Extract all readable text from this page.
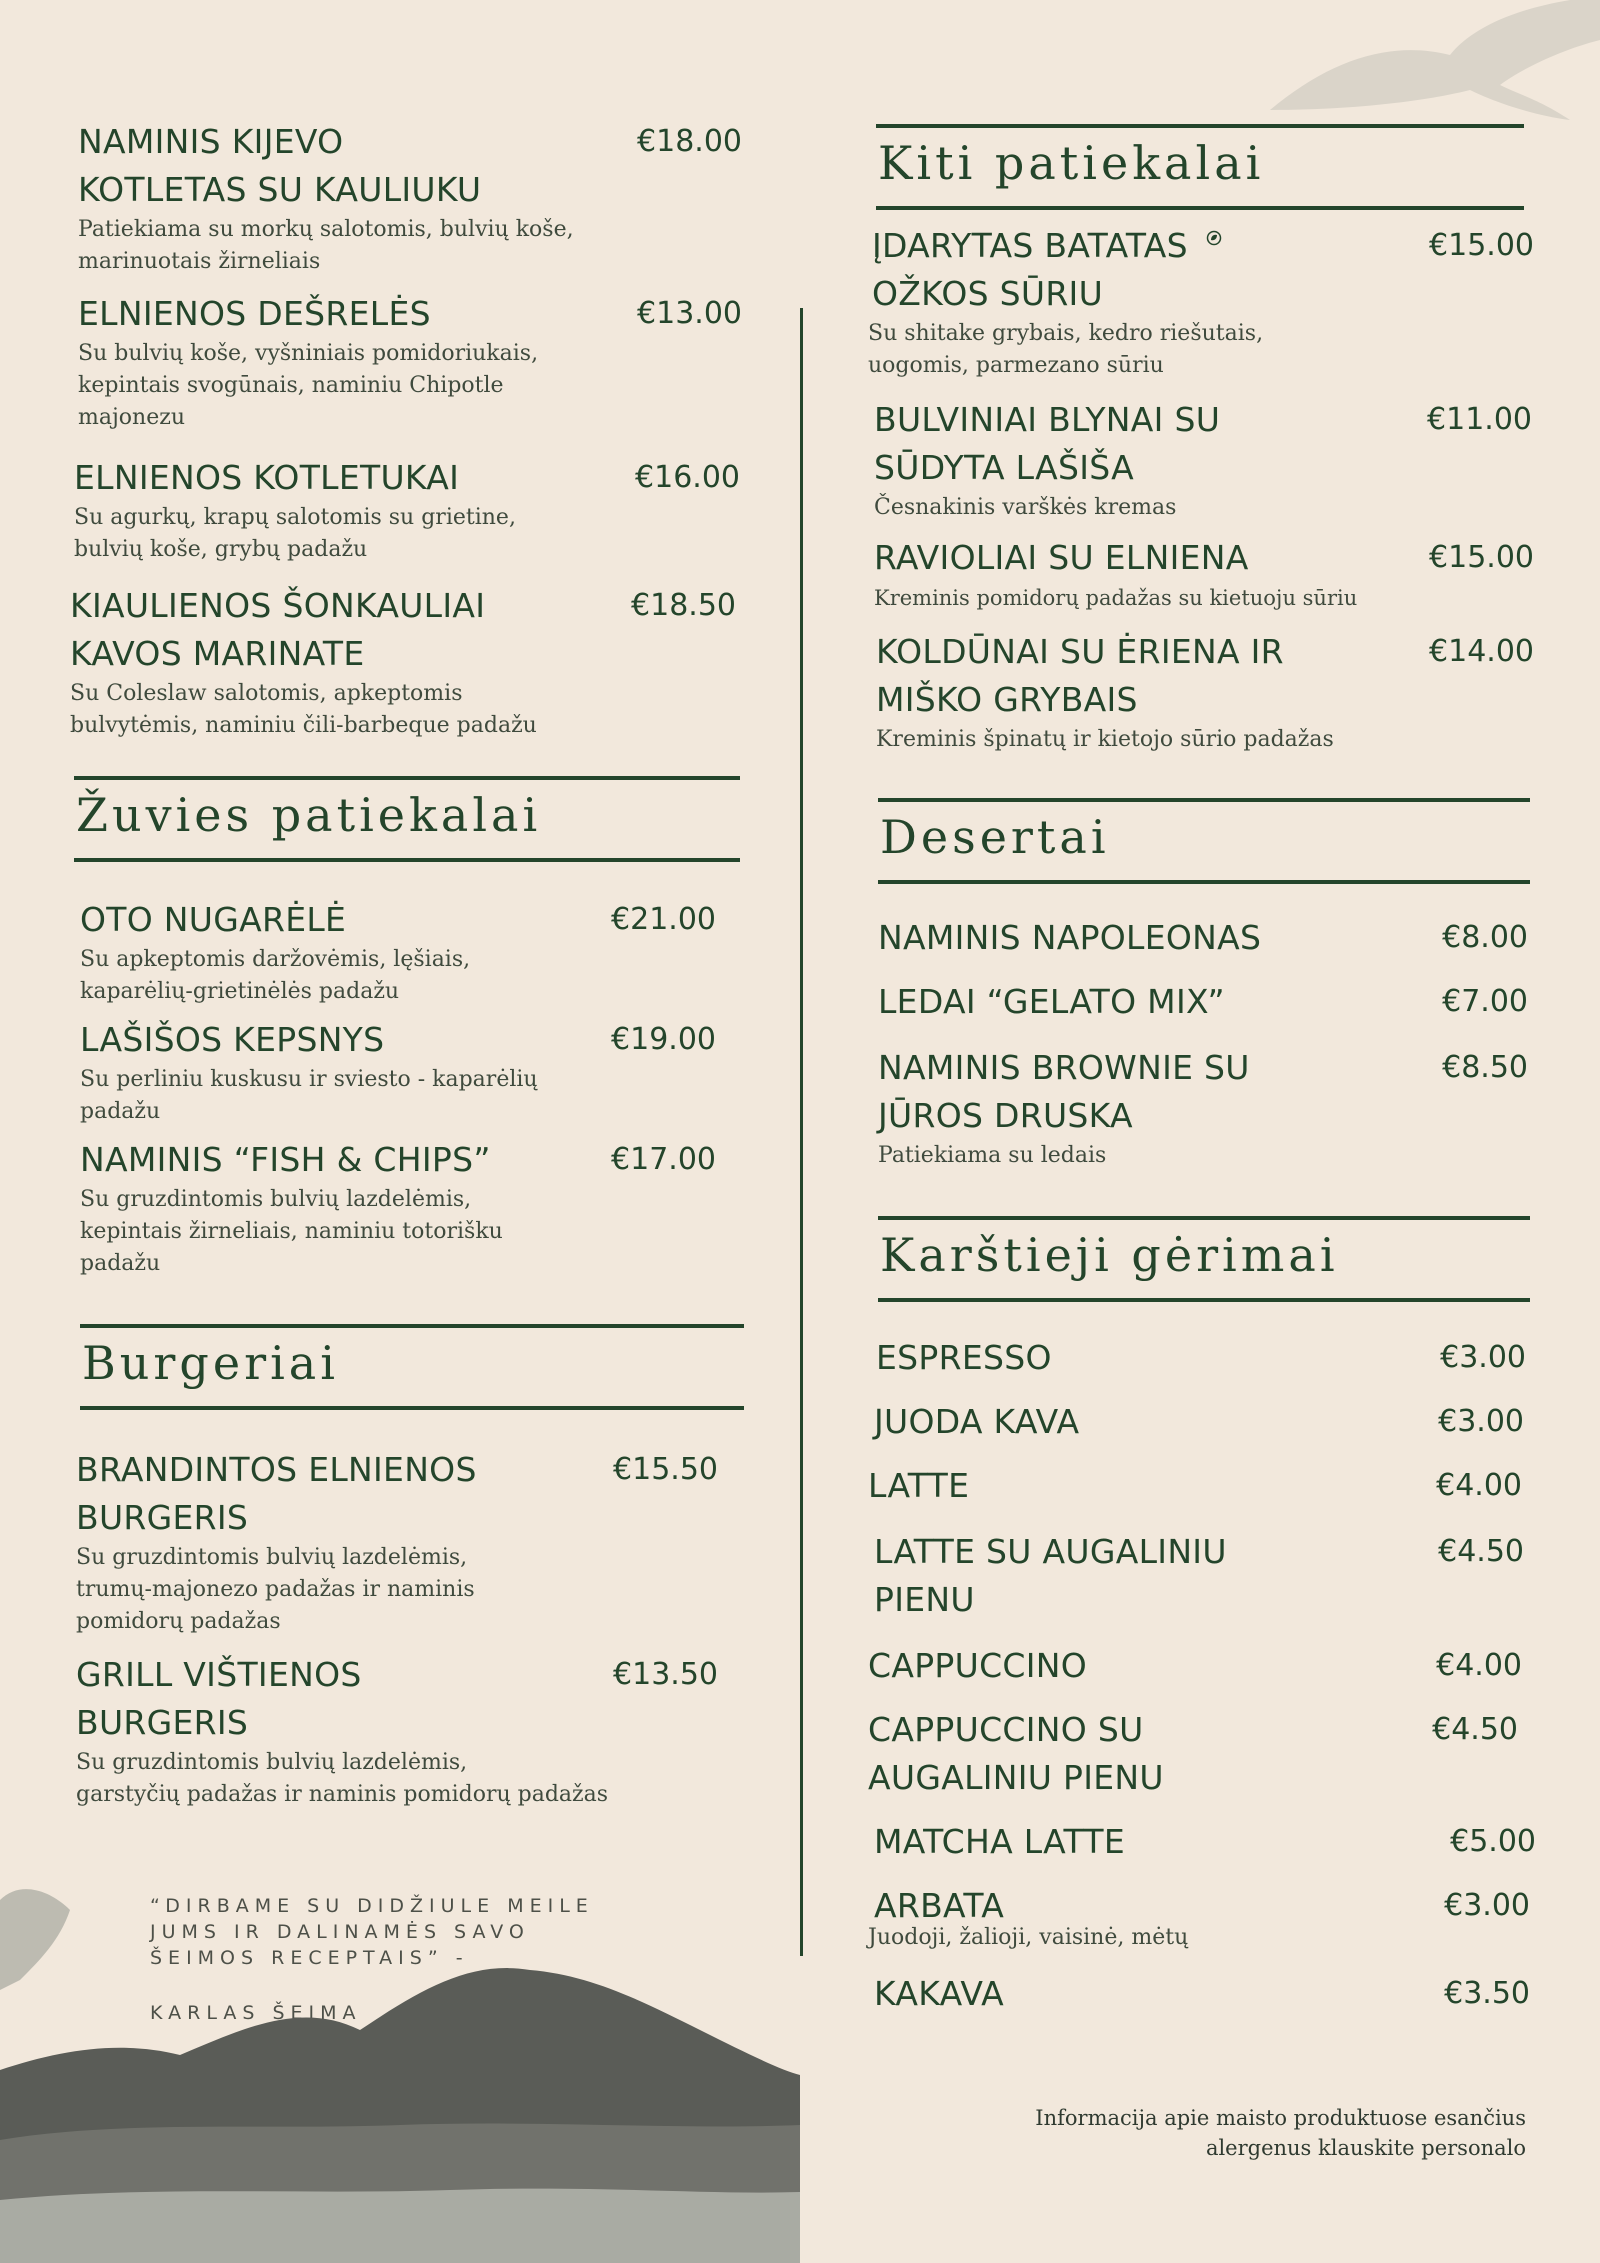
NAMINIS KIJEVO
KOTLETAS SU KAULIUKU
€18.00
Patiekiama su morkų salotomis, bulvių koše,
marinuotais žirneliais
ELNIENOS DEŠRELĖS	€13.00
Su bulvių koše, vyšniniais pomidoriukais,
kepintais svogūnais, naminiu Chipotle
majonezu
ELNIENOS KOTLETUKAI	€16.00
Su agurkų, krapų salotomis su grietine,
bulvių koše, grybų padažu
KIAULIENOS ŠONKAULIAI
KAVOS MARINATE
€18.50
Su Coleslaw salotomis, apkeptomis
bulvytėmis, naminiu čili-barbeque padažu
Žuvies patiekalai
OTO NUGARĖLĖ	€21.00
Su apkeptomis daržovėmis, lęšiais,
kaparėlių-grietinėlės padažu
LAŠIŠOS KEPSNYS	€19.00
Su perliniu kuskusu ir sviesto - kaparėlių
padažu
NAMINIS “FISH & CHIPS”	€17.00
Su gruzdintomis bulvių lazdelėmis,
kepintais žirneliais, naminiu totorišku
padažu
Burgeriai
BRANDINTOS ELNIENOS
BURGERIS
€15.50
Su gruzdintomis bulvių lazdelėmis,
trumų-majonezo padažas ir naminis
pomidorų padažas
GRILL VIŠTIENOS
BURGERIS
€13.50
Su gruzdintomis bulvių lazdelėmis,
garstyčių padažas ir naminis pomidorų padažas
“DIRBAME SU DIDŽIULE MEILE
JUMS IR DALINAMĖS SAVO
ŠEIMOS RECEPTAIS” -
KARLAS ŠEIMA
Kiti patiekalai
ĮDARYTAS BATATAS
OŽKOS SŪRIU
€15.00
Su shitake grybais, kedro riešutais,
uogomis, parmezano sūriu
BULVINIAI BLYNAI SU
SŪDYTA LAŠIŠA
€11.00
Česnakinis varškės kremas
RAVIOLIAI SU ELNIENA	€15.00
Kreminis pomidorų padažas su kietuoju sūriu
KOLDŪNAI SU ĖRIENA IR
MIŠKO GRYBAIS
€14.00
Kreminis špinatų ir kietojo sūrio padažas
Desertai
NAMINIS NAPOLEONAS	€8.00
LEDAI “GELATO MIX”	€7.00
NAMINIS BROWNIE SU
JŪROS DRUSKA
€8.50
Patiekiama su ledais
Karštieji gėrimai
ESPRESSO	€3.00
JUODA KAVA	€3.00
LATTE	€4.00
LATTE SU AUGALINIU
PIENU
€4.50
CAPPUCCINO	€4.00
CAPPUCCINO SU
AUGALINIU PIENU
€4.50
MATCHA LATTE	€5.00
ARBATA	€3.00
Juodoji, žalioji, vaisinė, mėtų
KAKAVA	€3.50
Informacija apie maisto produktuose esančius
alergenus klauskite personalo
